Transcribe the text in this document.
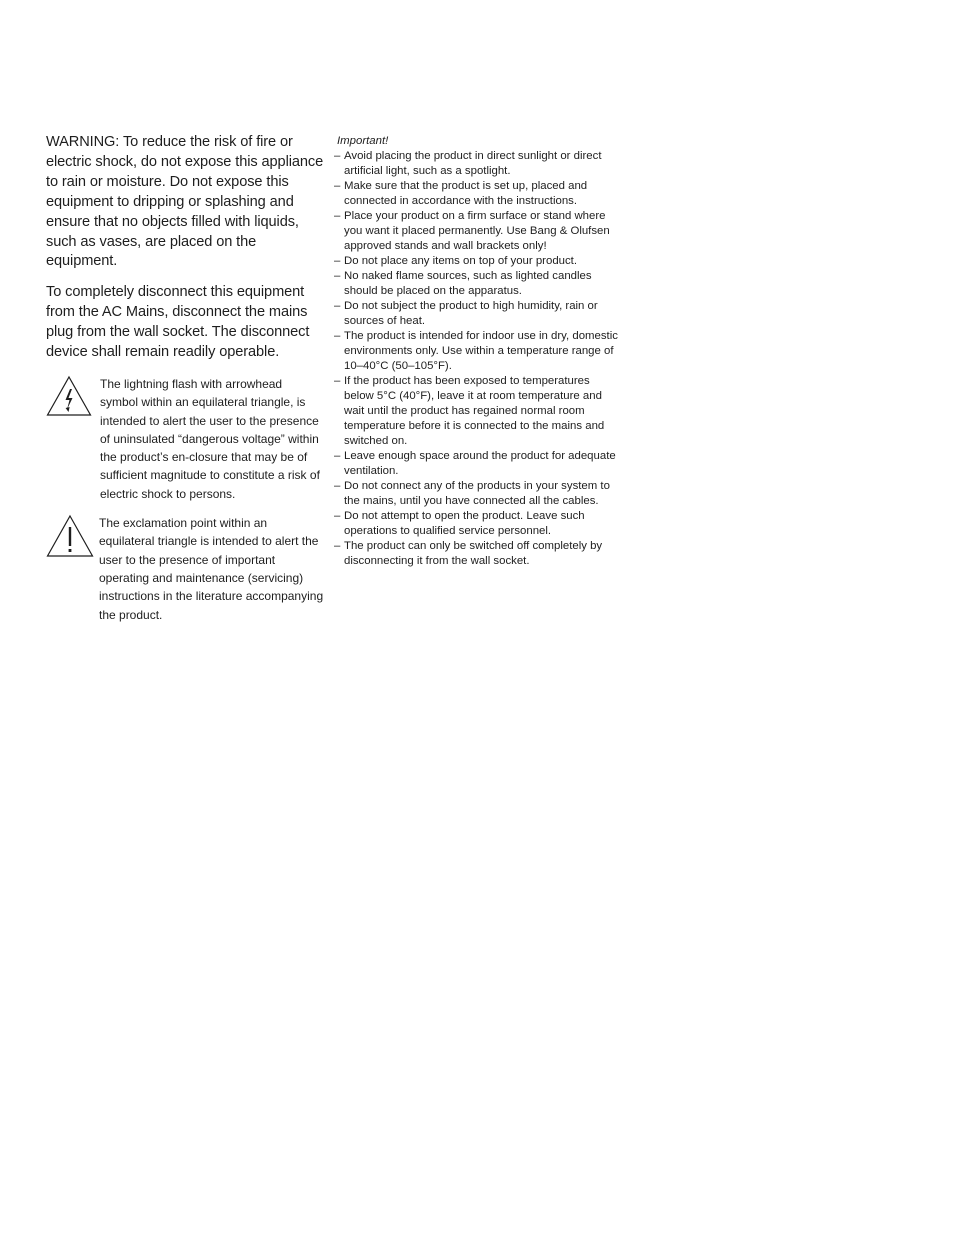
WARNING: To reduce the risk of fire or electric shock, do not expose this appliance to rain or moisture. Do not expose this equipment to dripping or splashing and ensure that no objects filled with liquids, such as vases, are placed on the equipment.

To completely disconnect this equipment from the AC Mains, disconnect the mains plug from the wall socket. The disconnect device shall remain readily operable.

The lightning flash with arrowhead symbol within an equilateral triangle, is intended to alert the user to the presence of uninsulated “dangerous voltage” within the product’s en-closure that may be of sufficient magnitude to constitute a risk of electric shock to persons.
The exclamation point within an equilateral triangle is intended to alert the user to the presence of important operating and maintenance (servicing) instructions in the literature accompanying the product.
Important!
– Avoid placing the product in direct sunlight or direct artificial light, such as a spotlight.
– Make sure that the product is set up, placed and connected in accordance with the instructions.
– Place your product on a firm surface or stand where you want it placed permanently. Use Bang & Olufsen approved stands and wall brackets only!
– Do not place any items on top of your product.
– No naked flame sources, such as lighted candles should be placed on the apparatus.
– Do not subject the product to high humidity, rain or sources of heat.
– The product is intended for indoor use in dry, domestic environments only. Use within a temperature range of 10–40°C (50–105°F).
– If the product has been exposed to temperatures below 5°C (40°F), leave it at room temperature and wait until the product has regained normal room temperature before it is connected to the mains and switched on.
– Leave enough space around the product for adequate ventilation.
– Do not connect any of the products in your system to the mains, until you have connected all the cables.
– Do not attempt to open the product. Leave such operations to qualified service personnel.
– The product can only be switched off completely by disconnecting it from the wall socket.
